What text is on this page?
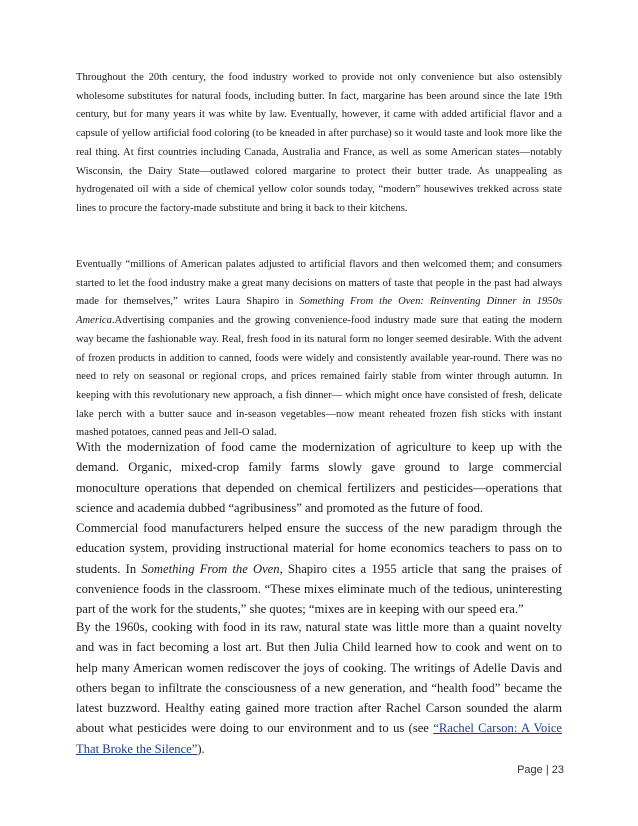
Throughout the 20th century, the food industry worked to provide not only convenience but also ostensibly wholesome substitutes for natural foods, including butter. In fact, margarine has been around since the late 19th century, but for many years it was white by law. Eventually, however, it came with added artificial flavor and a capsule of yellow artificial food coloring (to be kneaded in after purchase) so it would taste and look more like the real thing. At first countries including Canada, Australia and France, as well as some American states—notably Wisconsin, the Dairy State—outlawed colored margarine to protect their butter trade. As unappealing as hydrogenated oil with a side of chemical yellow color sounds today, “modern” housewives trekked across state lines to procure the factory-made substitute and bring it back to their kitchens.

Eventually “millions of American palates adjusted to artificial flavors and then welcomed them; and consumers started to let the food industry make a great many decisions on matters of taste that people in the past had always made for themselves,” writes Laura Shapiro in Something From the Oven: Reinventing Dinner in 1950s America.Advertising companies and the growing convenience-food industry made sure that eating the modern way became the fashionable way. Real, fresh food in its natural form no longer seemed desirable. With the advent of frozen products in addition to canned, foods were widely and consistently available year-round. There was no need to rely on seasonal or regional crops, and prices remained fairly stable from winter through autumn. In keeping with this revolutionary new approach, a fish dinner— which might once have consisted of fresh, delicate lake perch with a butter sauce and in-season vegetables—now meant reheated frozen fish sticks with instant mashed potatoes, canned peas and Jell-O salad.

With the modernization of food came the modernization of agriculture to keep up with the demand. Organic, mixed-crop family farms slowly gave ground to large commercial monoculture operations that depended on chemical fertilizers and pesticides—operations that science and academia dubbed “agribusiness” and promoted as the future of food.

Commercial food manufacturers helped ensure the success of the new paradigm through the education system, providing instructional material for home economics teachers to pass on to students. In Something From the Oven, Shapiro cites a 1955 article that sang the praises of convenience foods in the classroom. “These mixes eliminate much of the tedious, uninteresting part of the work for the students,” she quotes; “mixes are in keeping with our speed era.”

By the 1960s, cooking with food in its raw, natural state was little more than a quaint novelty and was in fact becoming a lost art. But then Julia Child learned how to cook and went on to help many American women rediscover the joys of cooking. The writings of Adelle Davis and others began to infiltrate the consciousness of a new generation, and “health food” became the latest buzzword. Healthy eating gained more traction after Rachel Carson sounded the alarm about what pesticides were doing to our environment and to us (see “Rachel Carson: A Voice That Broke the Silence”).

Page | 23
